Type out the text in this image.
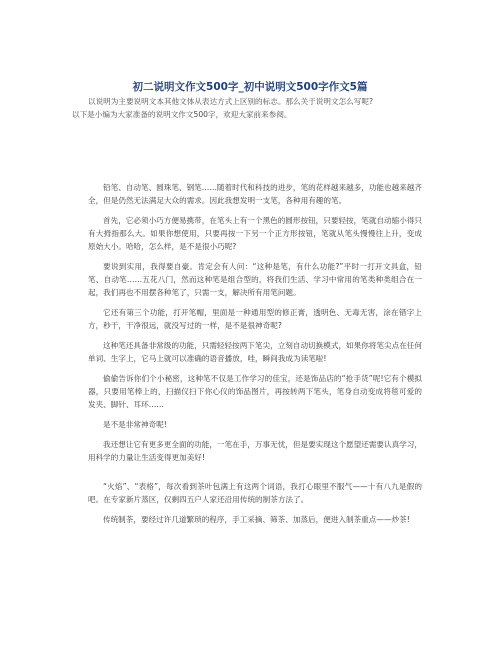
初二说明文作文500字_初中说明文500字作文5篇
以说明为主要说明文本其他文体从表达方式上区别的标志。那么关于说明文怎么写呢?
以下是小编为大家准备的说明文作文500字，欢迎大家前来参阅。

铅笔、自动笔、圆珠笔、钢笔……随着时代和科技的进步，笔的花样越来越多，功能也越来越齐全，但是仍然无法满足大众的需求。因此我想发明一支笔，各种用有趣的笔。

首先，它必须小巧方便易携带，在笔头上有一个黑色的圆形按钮，只要轻按，笔就自动缩小得只有大拇指那么大。如果你想使用，只要再按一下另一个正方形按钮，笔就从笔头慢慢往上升，变成原始大小。哈哈，怎么样，是不是很小巧呢?

要说到实用，我得要自豪。肯定会有人问：“这种是笔，有什么功能?”平时一打开文具盒，铅笔、自动笔……五花八门，然而这种笔是组合型的，将我们生活、学习中常用的笔类种类组合在一起，我们再也不用摆各种笔了，只需一支，解决所有用笔问题。

它还有第三个功能，打开笔帽，里面是一种通用型的修正膏，透明色、无毒无害，涂在错字上方，秒干，干净很远，就没写过的一样，是不是很神奇呢?

这种笔还具备非常级的功能，只需轻轻按两下笔尖，立刻自动切换模式，如果你将笔尖点在任何单词、生字上，它马上就可以准确的语音播放，哇，瞬间我成为读笔啦!

偷偷告诉你们个小秘密，这种笔不仅是工作学习的佳宝，还是饰品店的“抢手货”呢!它有个模拟器，只要用笔棒上的，扫描仪扫下你心仪的饰品图片，再按转两下笔头，笔身自动变成将毯可爱的发夹、脚针、耳环……

是不是非常神奇呢!

我还想让它有更多更全面的功能，一笔在手，万事无忧，但是要实现这个愿望还需要认真学习，用科学的力量让生活变得更加美好!

“火焰”、“表格”，每次看到茶叶包满上有这两个词语，我打心眼里不服气——十有八九是假的吧。在专家新片蒸区，仅剩四五户人家还沿用传统的制茶方法了。

传统制茶，要经过许几道繁琐的程序，手工采摘、筛茶、加蒸后，便进入制茶重点——炒茶!
